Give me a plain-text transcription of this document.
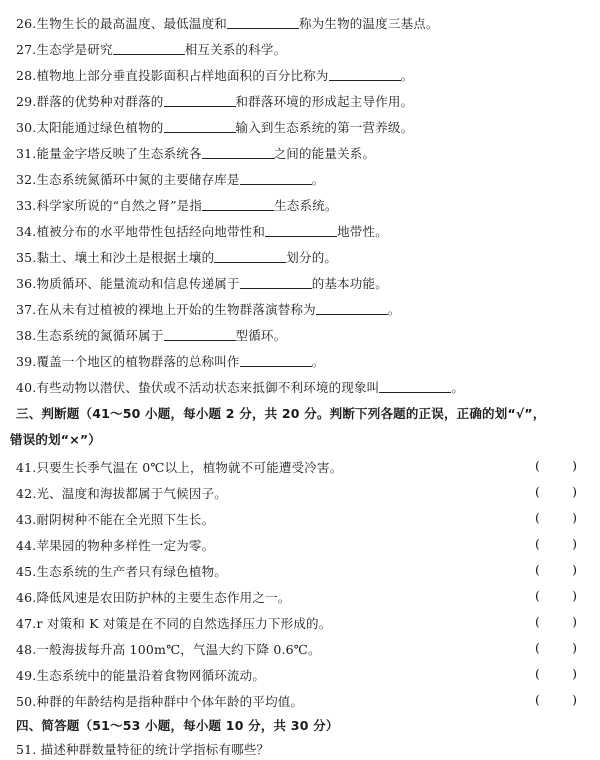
26.生物生长的最高温度、最低温度和	称为生物的温度三基点。
27.生态学是研究	相互关系的科学。
28.植物地上部分垂直投影面积占样地面积的百分比称为	。
29.群落的优势种对群落的	和群落环境的形成起主导作用。
30.太阳能通过绿色植物的	输入到生态系统的第一营养级。
31.能量金字塔反映了生态系统各	之间的能量关系。
32.生态系统氮循环中氮的主要储存库是	。
33.科学家所说的“自然之肾”是指	生态系统。
34.植被分布的水平地带性包括经向地带性和	地带性。
35.黏土、壤土和沙土是根据土壤的	划分的。
36.物质循环、能量流动和信息传递属于	的基本功能。
37.在从未有过植被的裸地上开始的生物群落演替称为	。
38.生态系统的氮循环属于	型循环。
39.覆盖一个地区的植物群落的总称叫作	。
40.有些动物以潜伏、蛰伏或不活动状态来抵御不利环境的现象叫	。
三、判断题（41～50 小题，每小题 2 分，共 20 分。判断下列各题的正误，正确的划“√”，
错误的划“×”）
41.只要生长季气温在 0℃以上，植物就不可能遭受冷害。	(	)
42.光、温度和海拔都属于气候因子。	(	)
43.耐阴树种不能在全光照下生长。	(	)
44.苹果园的物种多样性一定为零。	(	)
45.生态系统的生产者只有绿色植物。	(	)
46.降低风速是农田防护林的主要生态作用之一。	(	)
47.r 对策和 K 对策是在不同的自然选择压力下形成的。	(	)
48.一般海拔每升高 100m℃，气温大约下降 0.6℃。	(	)
49.生态系统中的能量沿着食物网循环流动。	(	)
50.种群的年龄结构是指种群中个体年龄的平均值。	(	)
四、简答题（51～53 小题，每小题 10 分，共 30 分）
51. 描述种群数量特征的统计学指标有哪些？
